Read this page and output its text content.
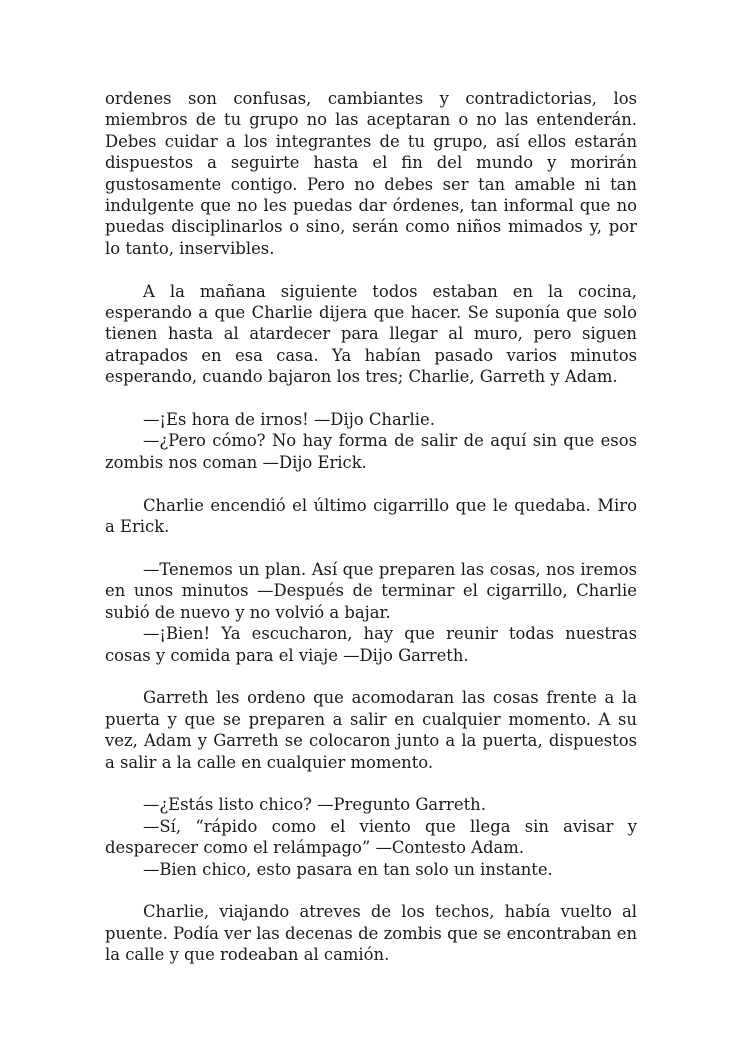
ordenes son confusas, cambiantes y contradictorias, los miembros de tu grupo no las aceptaran o no las entenderán. Debes cuidar a los integrantes de tu grupo, así ellos estarán dispuestos a seguirte hasta el fin del mundo y morirán gustosamente contigo. Pero no debes ser tan amable ni tan indulgente que no les puedas dar órdenes, tan informal que no puedas disciplinarlos o sino, serán como niños mimados y, por lo tanto, inservibles.

A la mañana siguiente todos estaban en la cocina, esperando a que Charlie dijera que hacer. Se suponía que solo tienen hasta al atardecer para llegar al muro, pero siguen atrapados en esa casa. Ya habían pasado varios minutos esperando, cuando bajaron los tres; Charlie, Garreth y Adam.

—¡Es hora de irnos! —Dijo Charlie.

—¿Pero cómo? No hay forma de salir de aquí sin que esos zombis nos coman —Dijo Erick.

Charlie encendió el último cigarrillo que le quedaba. Miro a Erick.

—Tenemos un plan. Así que preparen las cosas, nos iremos en unos minutos —Después de terminar el cigarrillo, Charlie subió de nuevo y no volvió a bajar.

—¡Bien! Ya escucharon, hay que reunir todas nuestras cosas y comida para el viaje —Dijo Garreth.

Garreth les ordeno que acomodaran las cosas frente a la puerta y que se preparen a salir en cualquier momento. A su vez, Adam y Garreth se colocaron junto a la puerta, dispuestos a salir a la calle en cualquier momento.

—¿Estás listo chico? —Pregunto Garreth.

—Sí, “rápido como el viento que llega sin avisar y desparecer como el relámpago” —Contesto Adam.

—Bien chico, esto pasara en tan solo un instante.

Charlie, viajando atreves de los techos, había vuelto al puente. Podía ver las decenas de zombis que se encontraban en la calle y que rodeaban al camión.
